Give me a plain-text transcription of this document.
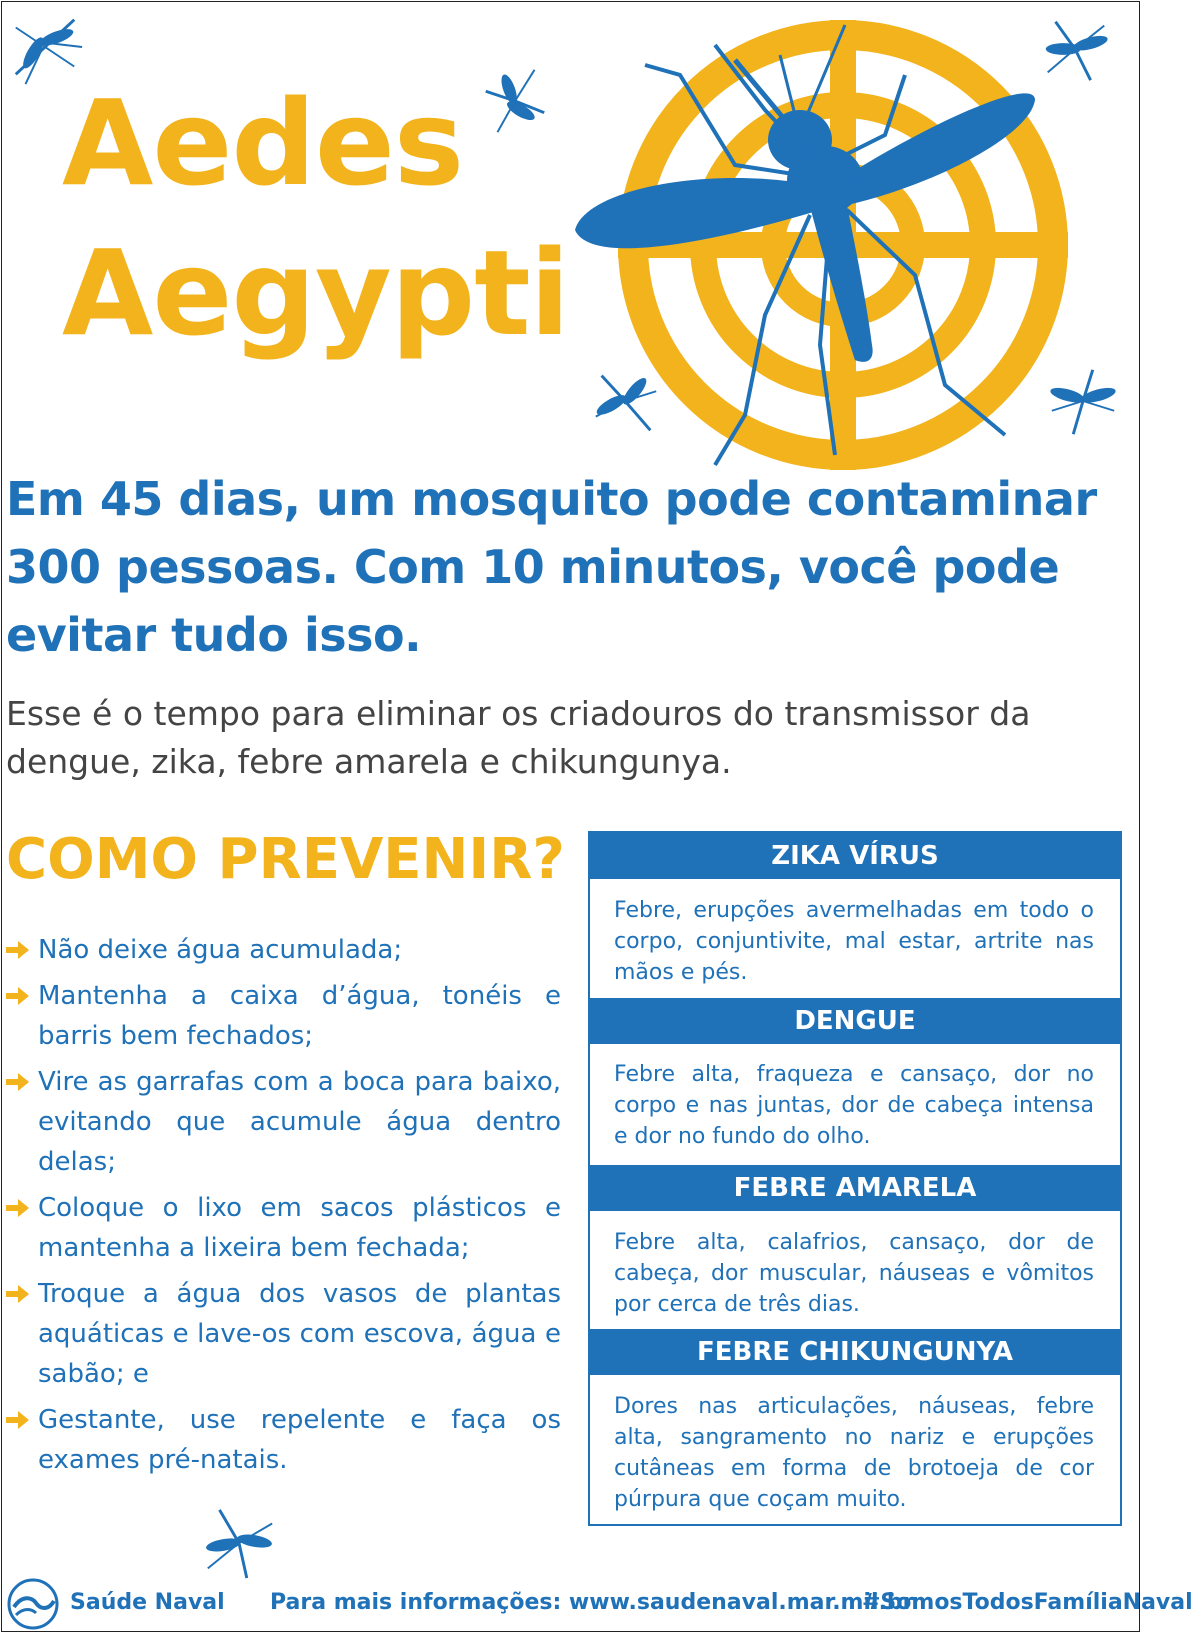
Aedes
Aegypti

Em 45 dias, um mosquito pode contaminar 300 pessoas. Com 10 minutos, você pode evitar tudo isso.

Esse é o tempo para eliminar os criadouros do transmissor da dengue, zika, febre amarela e chikungunya.

COMO PREVENIR?
Não deixe água acumulada;
Mantenha a caixa d’água, tonéis e barris bem fechados;
Vire as garrafas com a boca para baixo, evitando que acumule água dentro delas;
Coloque o lixo em sacos plásticos e mantenha a lixeira bem fechada;
Troque a água dos vasos de plantas aquáticas e lave-os com escova, água e sabão; e
Gestante, use repelente e faça os exames pré-natais.
ZIKA VÍRUS
Febre, erupções avermelhadas em todo o corpo, conjuntivite, mal estar, artrite nas mãos e pés.
DENGUE
Febre alta, fraqueza e cansaço, dor no corpo e nas juntas, dor de cabeça intensa e dor no fundo do olho.
FEBRE AMARELA
Febre alta, calafrios, cansaço, dor de cabeça, dor muscular, náuseas e vômitos por cerca de três dias.
FEBRE CHIKUNGUNYA
Dores nas articulações, náuseas, febre alta, sangramento no nariz e erupções cutâneas em forma de brotoeja de cor púrpura que coçam muito.
Saúde Naval Para mais informações: www.saudenaval.mar.mil.br
#SomosTodosFamíliaNaval
